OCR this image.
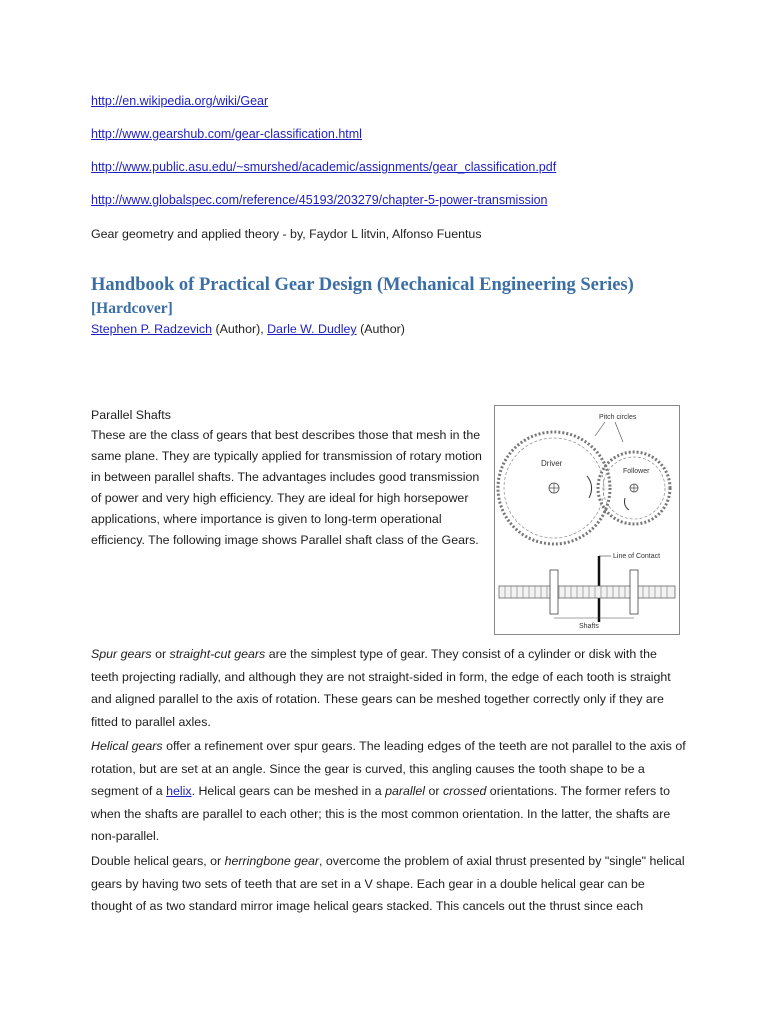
http://en.wikipedia.org/wiki/Gear
http://www.gearshub.com/gear-classification.html
http://www.public.asu.edu/~smurshed/academic/assignments/gear_classification.pdf
http://www.globalspec.com/reference/45193/203279/chapter-5-power-transmission
Gear geometry and applied theory - by, Faydor L litvin, Alfonso Fuentus
Handbook of Practical Gear Design (Mechanical Engineering Series)
[Hardcover]
Stephen P. Radzevich (Author), Darle W. Dudley (Author)
Parallel Shafts
These are the class of gears that best describes those that mesh in the same plane. They are typically applied for transmission of rotary motion in between parallel shafts. The advantages includes good transmission of power and very high efficiency. They are ideal for high horsepower applications, where importance is given to long-term operational efficiency. The following image shows Parallel shaft class of the Gears.
Pitch circles
Driver
Follower
Line of Contact
Shafts
Spur gears or straight-cut gears are the simplest type of gear. They consist of a cylinder or disk with the teeth projecting radially, and although they are not straight-sided in form, the edge of each tooth is straight and aligned parallel to the axis of rotation. These gears can be meshed together correctly only if they are fitted to parallel axles.
Helical gears offer a refinement over spur gears. The leading edges of the teeth are not parallel to the axis of rotation, but are set at an angle. Since the gear is curved, this angling causes the tooth shape to be a segment of a helix. Helical gears can be meshed in a parallel or crossed orientations. The former refers to when the shafts are parallel to each other; this is the most common orientation. In the latter, the shafts are non-parallel.
Double helical gears, or herringbone gear, overcome the problem of axial thrust presented by "single" helical gears by having two sets of teeth that are set in a V shape. Each gear in a double helical gear can be thought of as two standard mirror image helical gears stacked. This cancels out the thrust since each
